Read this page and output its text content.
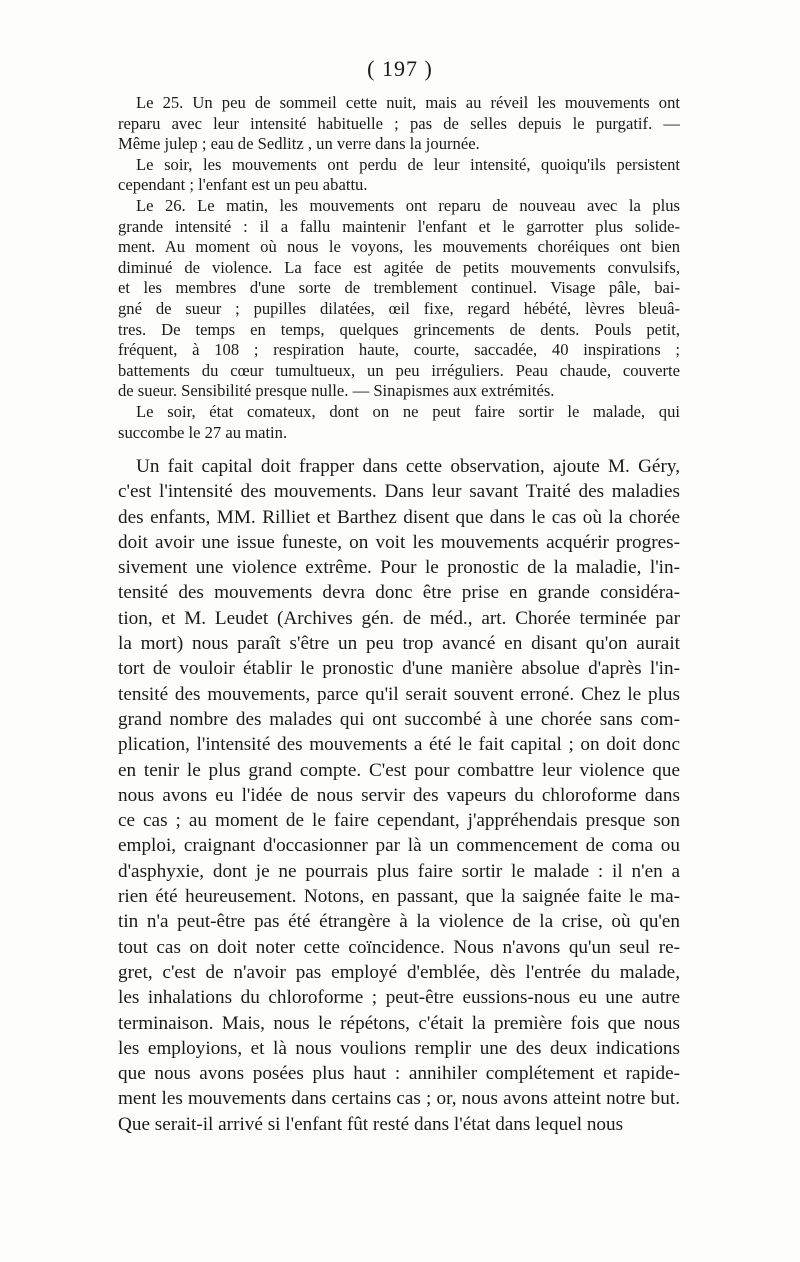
( 197 )
Le 25. Un peu de sommeil cette nuit, mais au réveil les mouvements ont
reparu avec leur intensité habituelle ; pas de selles depuis le purgatif. —
Même julep ; eau de Sedlitz , un verre dans la journée.
Le soir, les mouvements ont perdu de leur intensité, quoiqu'ils persistent
cependant ; l'enfant est un peu abattu.
Le 26. Le matin, les mouvements ont reparu de nouveau avec la plus
grande intensité : il a fallu maintenir l'enfant et le garrotter plus solide-
ment. Au moment où nous le voyons, les mouvements choréiques ont bien
diminué de violence. La face est agitée de petits mouvements convulsifs,
et les membres d'une sorte de tremblement continuel. Visage pâle, bai-
gné de sueur ; pupilles dilatées, œil fixe, regard hébété, lèvres bleuâ-
tres. De temps en temps, quelques grincements de dents. Pouls petit,
fréquent, à 108 ; respiration haute, courte, saccadée, 40 inspirations ;
battements du cœur tumultueux, un peu irréguliers. Peau chaude, couverte
de sueur. Sensibilité presque nulle. — Sinapismes aux extrémités.
Le soir, état comateux, dont on ne peut faire sortir le malade, qui
succombe le 27 au matin.
Un fait capital doit frapper dans cette observation, ajoute M. Géry,
c'est l'intensité des mouvements. Dans leur savant Traité des maladies
des enfants, MM. Rilliet et Barthez disent que dans le cas où la chorée
doit avoir une issue funeste, on voit les mouvements acquérir progres-
sivement une violence extrême. Pour le pronostic de la maladie, l'in-
tensité des mouvements devra donc être prise en grande considéra-
tion, et M. Leudet (Archives gén. de méd., art. Chorée terminée par
la mort) nous paraît s'être un peu trop avancé en disant qu'on aurait
tort de vouloir établir le pronostic d'une manière absolue d'après l'in-
tensité des mouvements, parce qu'il serait souvent erroné. Chez le plus
grand nombre des malades qui ont succombé à une chorée sans com-
plication, l'intensité des mouvements a été le fait capital ; on doit donc
en tenir le plus grand compte. C'est pour combattre leur violence que
nous avons eu l'idée de nous servir des vapeurs du chloroforme dans
ce cas ; au moment de le faire cependant, j'appréhendais presque son
emploi, craignant d'occasionner par là un commencement de coma ou
d'asphyxie, dont je ne pourrais plus faire sortir le malade : il n'en a
rien été heureusement. Notons, en passant, que la saignée faite le ma-
tin n'a peut-être pas été étrangère à la violence de la crise, où qu'en
tout cas on doit noter cette coïncidence. Nous n'avons qu'un seul re-
gret, c'est de n'avoir pas employé d'emblée, dès l'entrée du malade,
les inhalations du chloroforme ; peut-être eussions-nous eu une autre
terminaison. Mais, nous le répétons, c'était la première fois que nous
les employions, et là nous voulions remplir une des deux indications
que nous avons posées plus haut : annihiler complétement et rapide-
ment les mouvements dans certains cas ; or, nous avons atteint notre but.
Que serait-il arrivé si l'enfant fût resté dans l'état dans lequel nous
